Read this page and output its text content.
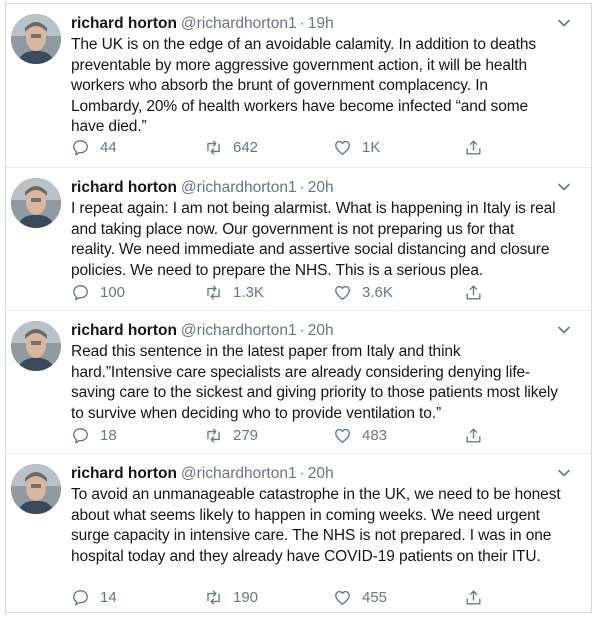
richard horton @richardhorton1 · 19h
The UK is on the edge of an avoidable calamity. In addition to deaths preventable by more aggressive government action, it will be health workers who absorb the brunt of government complacency. In Lombardy, 20% of health workers have become infected “and some have died.”
44	642	1K
richard horton @richardhorton1 · 20h
I repeat again: I am not being alarmist. What is happening in Italy is real and taking place now. Our government is not preparing us for that reality. We need immediate and assertive social distancing and closure policies. We need to prepare the NHS. This is a serious plea.
100	1.3K	3.6K
richard horton @richardhorton1 · 20h
Read this sentence in the latest paper from Italy and think hard.”Intensive care specialists are already considering denying life-saving care to the sickest and giving priority to those patients most likely to survive when deciding who to provide ventilation to.”
18	279	483
richard horton @richardhorton1 · 20h
To avoid an unmanageable catastrophe in the UK, we need to be honest about what seems likely to happen in coming weeks. We need urgent surge capacity in intensive care. The NHS is not prepared. I was in one hospital today and they already have COVID-19 patients on their ITU.
14	190	455
